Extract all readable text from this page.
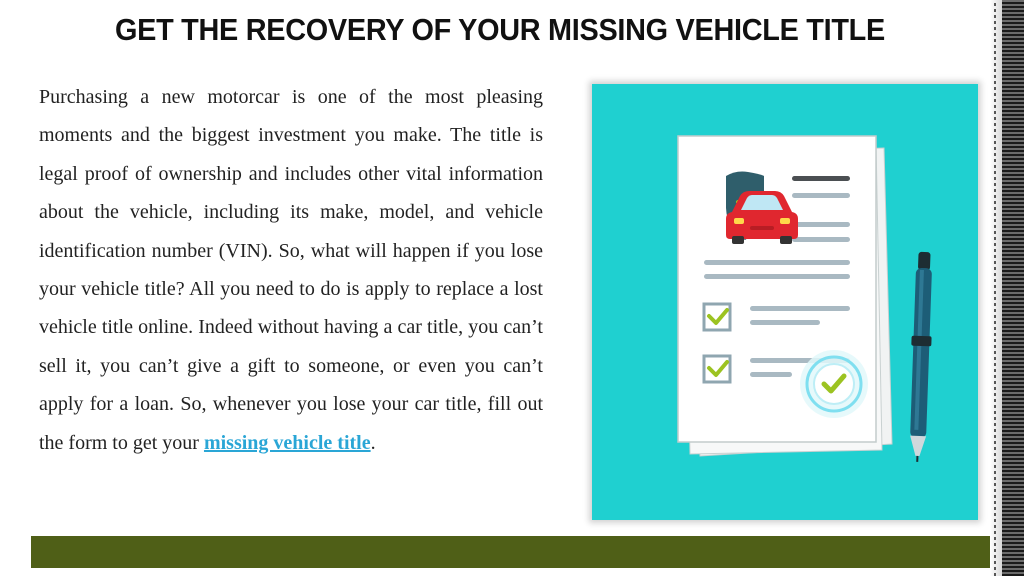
GET THE RECOVERY OF YOUR MISSING VEHICLE TITLE
Purchasing a new motorcar is one of the most pleasing moments and the biggest investment you make. The title is legal proof of ownership and includes other vital information about the vehicle, including its make, model, and vehicle identification number (VIN). So, what will happen if you lose your vehicle title? All you need to do is apply to replace a lost vehicle title online. Indeed without having a car title, you can’t sell it, you can’t give a gift to someone, or even you can’t apply for a loan. So, whenever you lose your car title, fill out the form to get your missing vehicle title.
